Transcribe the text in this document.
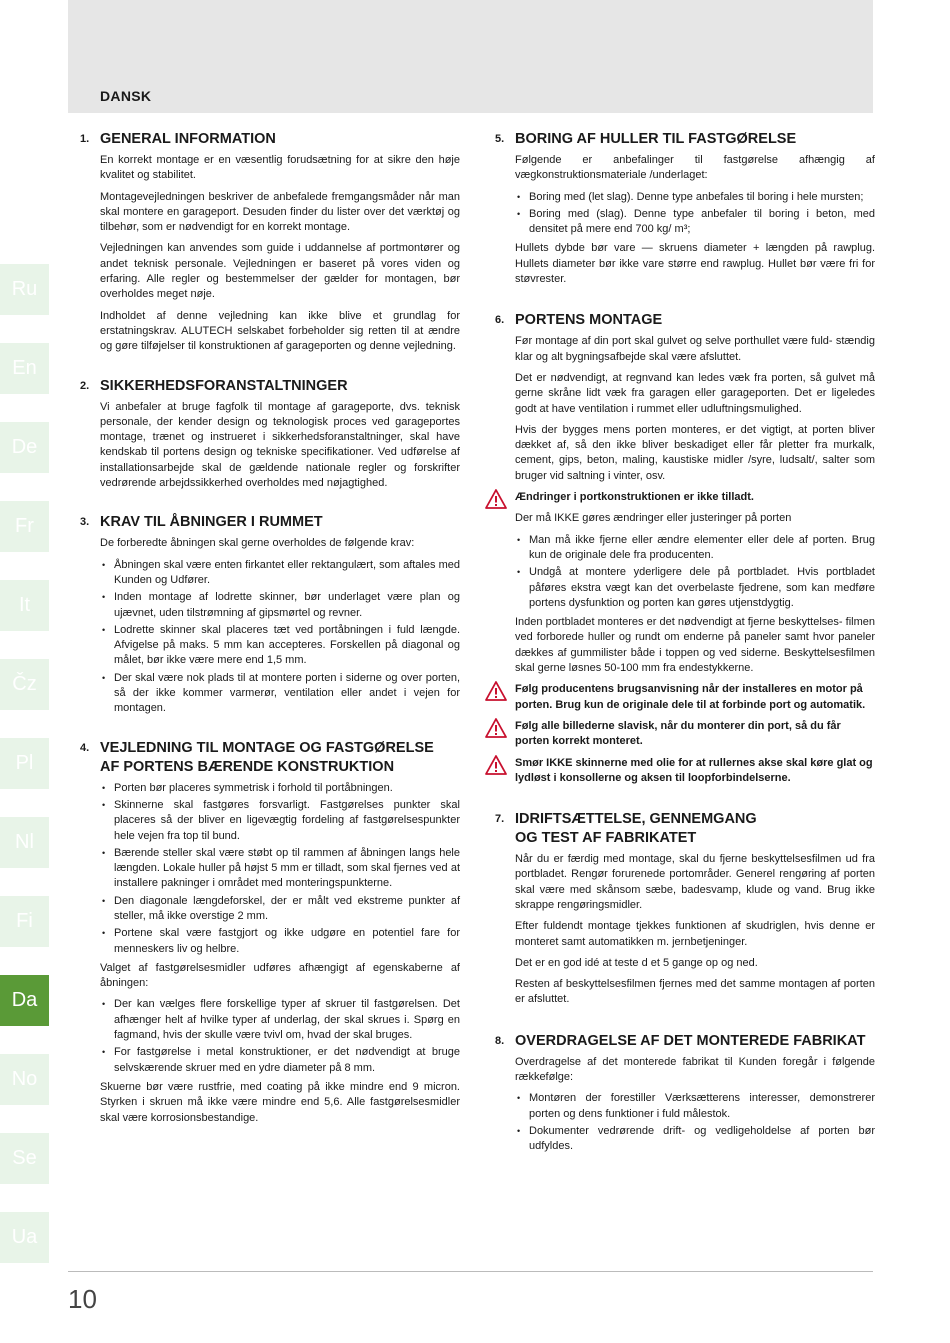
DANSK
Ru
En
De
Fr
It
Čz
Pl
Nl
Fi
Da
No
Se
Ua
1. GENERAL INFORMATION

En korrekt montage er en væsentlig forudsætning for at sikre den høje kvalitet og stabilitet.

Montagevejledningen beskriver de anbefalede fremgangsmåder når man skal montere en garageport. Desuden finder du lister over det værktøj og tilbehør, som er nødvendigt for en korrekt montage.

Vejledningen kan anvendes som guide i uddannelse af portmontører og andet teknisk personale. Vejledningen er baseret på vores viden og erfaring. Alle regler og bestemmelser der gælder for montagen, bør overholdes meget nøje.

Indholdet af denne vejledning kan ikke blive et grundlag for erstatningskrav. ALUTECH selskabet forbeholder sig retten til at ændre og gøre tilføjelser til konstruktionen af garageporten og denne vejledning.

2. SIKKERHEDSFORANSTALTNINGER

Vi anbefaler at bruge fagfolk til montage af garageporte, dvs. teknisk personale, der kender design og teknologisk proces ved garageportes montage, trænet og instrueret i sikkerhedsforanstaltninger, skal have kendskab til portens design og tekniske specifikationer. Ved udførelse af installationsarbejde skal de gældende nationale regler og forskrifter vedrørende arbejdssikkerhed overholdes med nøjagtighed.

3. KRAV TIL ÅBNINGER I RUMMET

De forberedte åbningen skal gerne overholdes de følgende krav:

• Åbningen skal være enten firkantet eller rektangulært, som aftales med Kunden og Udfører.
• Inden montage af lodrette skinner, bør underlaget være plan og ujævnet, uden tilstrømning af gipsmørtel og revner.
• Lodrette skinner skal placeres tæt ved portåbningen i fuld længde. Afvigelse på maks. 5 mm kan accepteres. Forskellen på diagonal og målet, bør ikke være mere end 1,5 mm.
• Der skal være nok plads til at montere porten i siderne og over porten, så der ikke kommer varmerør, ventilation eller andet i vejen for montagen.
4. VEJLEDNING TIL MONTAGE OG FASTGØRELSE
AF PORTENS BÆRENDE KONSTRUKTION
• Porten bør placeres symmetrisk i forhold til portåbningen.
• Skinnerne skal fastgøres forsvarligt. Fastgørelses punkter skal placeres så der bliver en ligevægtig fordeling af fastgørelsespunkter hele vejen fra top til bund.
• Bærende steller skal være støbt op til rammen af åbningen langs hele længden. Lokale huller på højst 5 mm er tilladt, som skal fjernes ved at installere pakninger i området med monteringspunkterne.
• Den diagonale længdeforskel, der er målt ved ekstreme punkter af steller, må ikke overstige 2 mm.
• Portene skal være fastgjort og ikke udgøre en potentiel fare for menneskers liv og helbre.

Valget af fastgørelsesmidler udføres afhængigt af egenskaberne af åbningen:

• Der kan vælges flere forskellige typer af skruer til fastgørelsen. Det afhænger helt af hvilke typer af underlag, der skal skrues i. Spørg en fagmand, hvis der skulle være tvivl om, hvad der skal bruges.
• For fastgørelse i metal konstruktioner, er det nødvendigt at bruge selvskærende skruer med en ydre diameter på 8 mm.

Skuerne bør være rustfrie, med coating på ikke mindre end 9 micron. Styrken i skruen må ikke være mindre end 5,6. Alle fastgørelsesmidler skal være korrosionsbestandige.

5. BORING AF HULLER TIL FASTGØRELSE

Følgende er anbefalinger til fastgørelse afhængig af vægkonstruktionsmateriale /underlaget:

• Boring med (let slag). Denne type anbefales til boring i hele mursten;
• Boring med (slag). Denne type anbefaler til boring i beton, med densitet på mere end 700 kg/ m³;

Hullets dybde bør vare — skruens diameter + længden på rawplug. Hullets diameter bør ikke vare større end rawplug. Hullet bør være fri for støvrester.

6. PORTENS MONTAGE

Før montage af din port skal gulvet og selve porthullet være fuld- stændig klar og alt bygningsafbejde skal være afsluttet.

Det er nødvendigt, at regnvand kan ledes væk fra porten, så gulvet må gerne skråne lidt væk fra garagen eller garageporten. Det er ligeledes godt at have ventilation i rummet eller udluftningsmulighed.

Hvis der bygges mens porten monteres, er det vigtigt, at porten bliver dækket af, så den ikke bliver beskadiget eller får pletter fra murkalk, cement, gips, beton, maling, kaustiske midler /syre, ludsalt/, salter som bruger vid saltning i vinter, osv.

Ændringer i portkonstruktionen er ikke tilladt.

Der må IKKE gøres ændringer eller justeringer på porten

• Man må ikke fjerne eller ændre elementer eller dele af porten. Brug kun de originale dele fra producenten.
• Undgå at montere yderligere dele på portbladet. Hvis portbladet påføres ekstra vægt kan det overbelaste fjedrene, som kan medføre portens dysfunktion og porten kan gøres utjenstdygtig.

Inden portbladet monteres er det nødvendigt at fjerne beskyttelses- filmen ved forborede huller og rundt om enderne på paneler samt hvor paneler dækkes af gummilister både i toppen og ved siderne. Beskyttelsesfilmen skal gerne løsnes 50-100 mm fra endestykkerne.

Følg producentens brugsanvisning når der installeres en motor på porten. Brug kun de originale dele til at forbinde port og automatik.
Følg alle billederne slavisk, når du monterer din port, så du får porten korrekt monteret.
Smør IKKE skinnerne med olie for at rullernes akse skal køre glat og lydløst i konsollerne og aksen til loopforbindelserne.
7. IDRIFTSÆTTELSE, GENNEMGANG
OG TEST AF FABRIKATET

Når du er færdig med montage, skal du fjerne beskyttelsesfilmen ud fra portbladet. Rengør forurenede portområder. Generel rengøring af porten skal være med skånsom sæbe, badesvamp, klude og vand. Brug ikke skrappe rengøringsmidler.

Efter fuldendt montage tjekkes funktionen af skudriglen, hvis denne er monteret samt automatikken m. jernbetjeninger.

Det er en god idé at teste d et 5 gange op og ned.

Resten af beskyttelsesfilmen fjernes med det samme montagen af porten er afsluttet.

8. OVERDRAGELSE AF DET MONTEREDE FABRIKAT

Overdragelse af det monterede fabrikat til Kunden foregår i følgende rækkefølge:

• Montøren der forestiller Værksætterens interesser, demonstrerer porten og dens funktioner i fuld målestok.
• Dokumenter vedrørende drift- og vedligeholdelse af porten bør udfyldes.
10
